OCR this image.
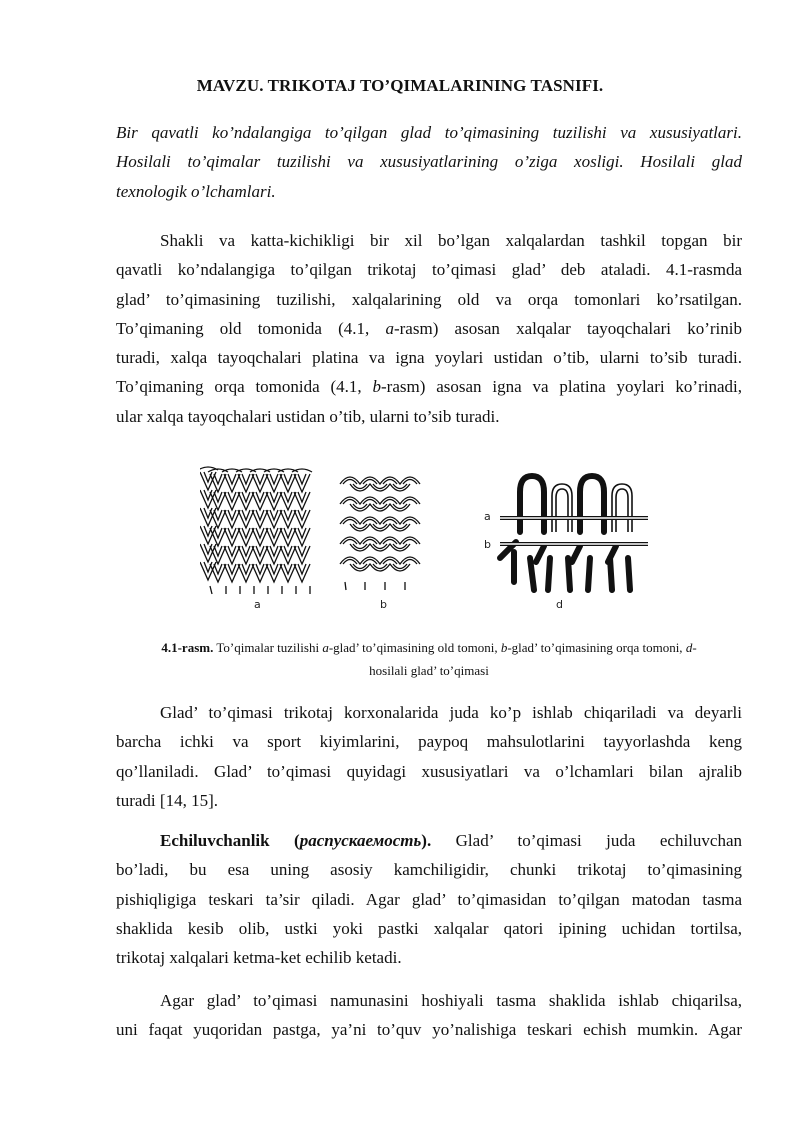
MAVZU. TRIKOTAJ TO’QIMALARINING TASNIFI.

Bir qavatli ko’ndalangiga to’qilgan glad to’qimasining tuzilishi va xususiyatlari.
Hosilali to’qimalar tuzilishi va xususiyatlarining o’ziga xosligi. Hosilali glad
texnologik o’lchamlari.

Shakli va katta-kichikligi bir xil bo’lgan xalqalardan tashkil topgan bir
qavatli ko’ndalangiga to’qilgan trikotaj to’qimasi glad’ deb ataladi. 4.1-rasmda
glad’ to’qimasining tuzilishi, xalqalarining old va orqa tomonlari ko’rsatilgan.
To’qimaning old tomonida (4.1, a-rasm) asosan xalqalar tayoqchalari ko’rinib
turadi, xalqa tayoqchalari platina va igna yoylari ustidan o’tib, ularni to’sib turadi.
To’qimaning orqa tomonida (4.1, b-rasm) asosan igna va platina yoylari ko’rinadi,
ular xalqa tayoqchalari ustidan o’tib, ularni to’sib turadi.

a	b
a
b
d
4.1-rasm. To’qimalar tuzilishi a-glad’ to’qimasining old tomoni, b-glad’ to’qimasining orqa tomoni, d-
hosilali glad’ to’qimasi

Glad’ to’qimasi trikotaj korxonalarida juda ko’p ishlab chiqariladi va deyarli
barcha ichki va sport kiyimlarini, paypoq mahsulotlarini tayyorlashda keng
qo’llaniladi. Glad’ to’qimasi quyidagi xususiyatlari va o’lchamlari bilan ajralib
turadi [14, 15].

Echiluvchanlik (распускаемость). Glad’ to’qimasi juda echiluvchan
bo’ladi, bu esa uning asosiy kamchiligidir, chunki trikotaj to’qimasining
pishiqligiga teskari ta’sir qiladi. Agar glad’ to’qimasidan to’qilgan matodan tasma
shaklida kesib olib, ustki yoki pastki xalqalar qatori ipining uchidan tortilsa,
trikotaj xalqalari ketma-ket echilib ketadi.

Agar glad’ to’qimasi namunasini hoshiyali tasma shaklida ishlab chiqarilsa,
uni faqat yuqoridan pastga, ya’ni to’quv yo’nalishiga teskari echish mumkin. Agar
